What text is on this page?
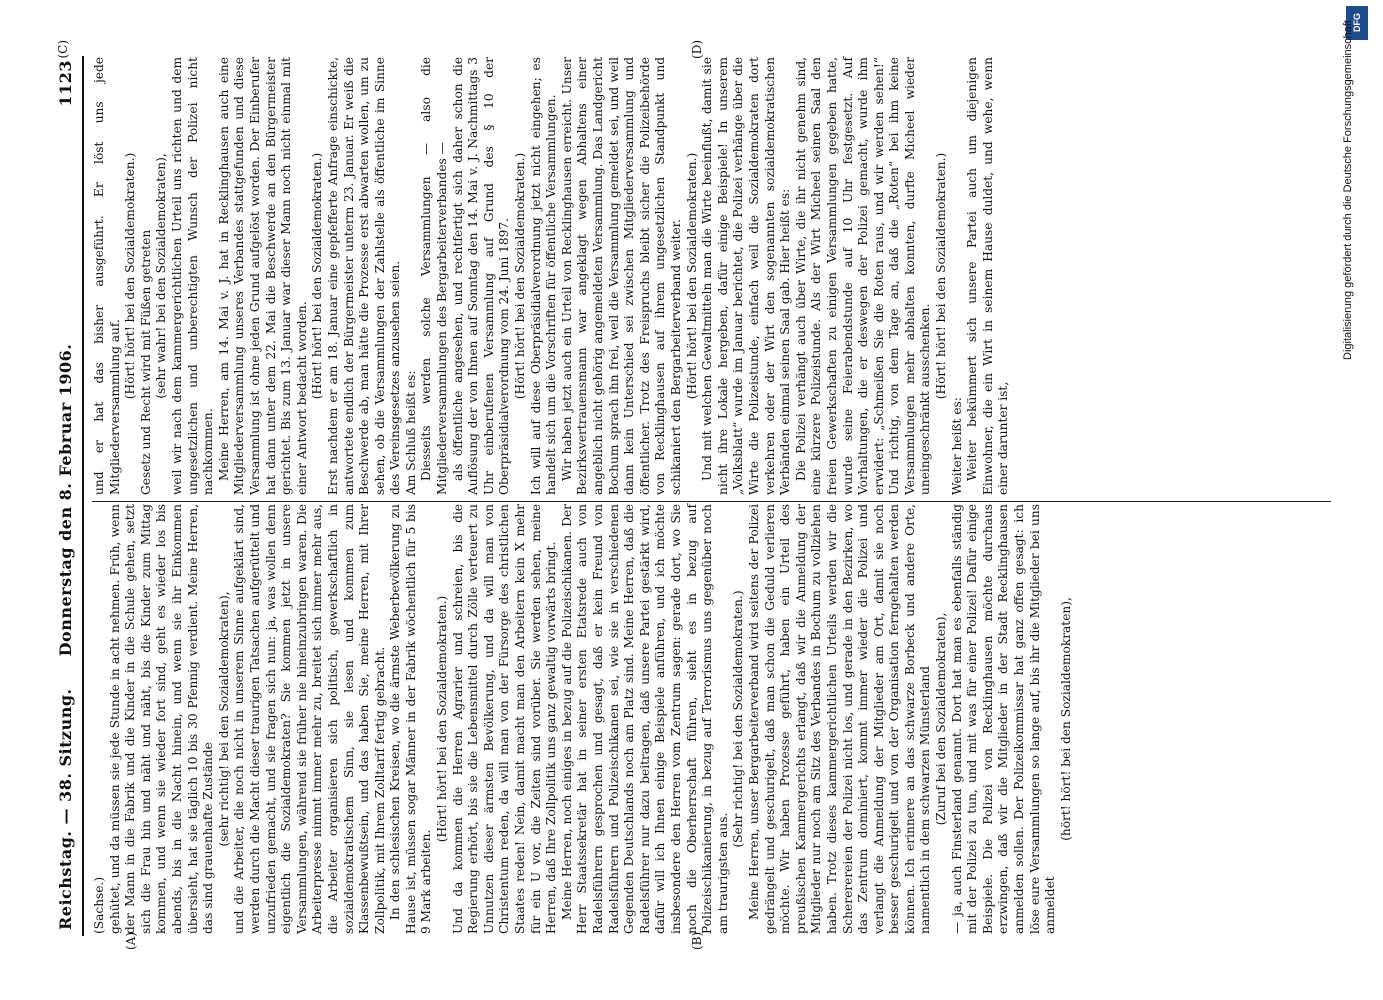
Reichstag. — 38. Sitzung.
Donnerstag den 8. Februar 1906.
1123
(A)	(B)
(C)	(D)

(Sachse.) gehütet, und da müssen sie jede Stunde in acht nehmen. Früh, wenn der Mann in die Fabrik und die Kinder in die Schule gehen, setzt sich die Frau hin und näht und näht, bis die Kinder zum Mittag kommen, und wenn sie wieder fort sind, geht es wieder los bis abends, bis in die Nacht hinein, und wenn sie ihr Einkommen übersieht, hat sie täglich 10 bis 30 Pfennig verdient. Meine Herren, das sind grauenhafte Zustände (sehr richtig! bei den Sozialdemokraten), und die Arbeiter, die noch nicht in unserem Sinne aufgeklärt sind, werden durch die Macht dieser traurigen Tatsachen aufgerüttelt und unzufrieden gemacht, und sie fragen sich nun: ja, was wollen denn eigentlich die Sozialdemokraten? Sie kommen jetzt in unsere Versammlungen, während sie früher nie hineinzubringen waren. Die Arbeiterpresse nimmt immer mehr zu, breitet sich immer mehr aus, die Arbeiter organisieren sich politisch, gewerkschaftlich in sozialdemokratischem Sinn, sie lesen und kommen zum Klassenbewußtsein, und das haben Sie, meine Herren, mit Ihrer Zollpolitik, mit Ihrem Zolltarif fertig gebracht. In den schlesischen Kreisen, wo die ärmste Weberbevölkerung zu Hause ist, müssen sogar Männer in der Fabrik wöchentlich für 5 bis 9 Mark arbeiten.

(Hört! hört! bei den Sozialdemokraten.) Und da kommen die Herren Agrarier und schreien, bis die Regierung erhört, bis sie die Lebensmittel durch Zölle verteuert zu Unnutzen dieser ärmsten Bevölkerung, und da will man von Christentum reden, da will man von der Fürsorge des christlichen Staates reden! Nein, damit macht man den Arbeitern kein X mehr für ein U vor, die Zeiten sind vorüber. Sie werden sehen, meine Herren, daß Ihre Zollpolitik uns ganz gewaltig vorwärts bringt. Meine Herren, noch einiges in bezug auf die Polizeischikanen. Der Herr Staatssekretär hat in seiner ersten Etatsrede auch von Radelsführern gesprochen und gesagt, daß er kein Freund von Radelsführern und Polizeischikanen sei, wie sie in verschiedenen Gegenden Deutschlands noch am Platz sind. Meine Herren, daß die Radelsführer nur dazu beitragen, daß unsere Partei gestärkt wird, dafür will ich Ihnen einige Beispiele anführen, und ich möchte insbesondere den Herren vom Zentrum sagen: gerade dort, wo Sie noch die Oberherrschaft führen, sieht es in bezug auf Polizeischikanierung, in bezug auf Terrorismus uns gegenüber noch am traurigsten aus.

(Sehr richtig! bei den Sozialdemokraten.) Meine Herren, unser Bergarbeiterverband wird seitens der Polizei gedrängelt und geschurigelt, daß man schon die Geduld verlieren möchte. Wir haben Prozesse geführt, haben ein Urteil des preußischen Kammergerichts erlangt, daß wir die Anmeldung der Mitglieder nur noch am Sitz des Verbandes in Bochum zu vollziehen haben. Trotz dieses kammergerichtlichen Urteils werden wir die Schererereien der Polizei nicht los, und gerade in den Bezirken, wo das Zentrum dominiert, kommt immer wieder die Polizei und verlangt die Anmeldung der Mitglieder am Ort, damit sie noch besser geschurigelt und von der Organisation ferngehalten werden können. Ich erinnere an das schwarze Borbeck und andere Orte, namentlich in dem schwarzen Münsterland (Zuruf bei den Sozialdemokraten), — ja, auch Finsterland genannt. Dort hat man es ebenfalls ständig mit der Polizei zu tun, und mit was für einer Polizei! Dafür einige Beispiele. Die Polizei von Recklinghausen möchte durchaus erzwingen, daß wir die Mitglieder in der Stadt Recklinghausen anmelden sollen. Der Polizeikommissar hat ganz offen gesagt: ich löse eure Versammlungen so lange auf, bis ihr die Mitglieder bei uns anmeldet

(hört! hört! bei den Sozialdemokraten),

und er hat das bisher ausgeführt. Er löst uns jede Mitgliederversammlung auf.

(Hört! hört! bei den Sozialdemokraten.) Gesetz und Recht wird mit Füßen getreten (sehr wahr! bei den Sozialdemokraten), weil wir nach dem kammergerichtlichen Urteil uns richten und dem ungesetzlichen und unberechtigten Wunsch der Polizei nicht nachkommen. Meine Herren, am 14. Mai v. J. hat in Recklinghausen auch eine Mitgliederversammlung unseres Verbandes stattgefunden und diese Versammlung ist ohne jeden Grund aufgelöst worden. Der Einberufer hat dann unter dem 22. Mai die Beschwerde an den Bürgermeister gerichtet. Bis zum 13. Januar war dieser Mann noch nicht einmal mit einer Antwort bedacht worden. (Hört! hört! bei den Sozialdemokraten.) Erst nachdem er am 18. Januar eine gepfefferte Anfrage einschickte, antwortete endlich der Bürgermeister unterm 23. Januar. Er weiß die Beschwerde ab, man hätte die Prozesse erst abwarten wollen, um zu sehen, ob die Versammlungen der Zahlstelle als öffentliche im Sinne des Vereinsgesetzes anzusehen seien. Am Schluß heißt es: Diesseits werden solche Versammlungen — also die Mitgliederversammlungen des Bergarbeiterverbandes — als öffentliche angesehen, und rechtfertigt sich daher schon die Auflösung der von Ihnen auf Sonntag den 14. Mai v. J. Nachmittags 3 Uhr einberufenen Versammlung auf Grund des § 10 der Oberpräsidialverordnung vom 24. Juni 1897. (Hört! hört! bei den Sozialdemokraten.) Ich will auf diese Oberpräsidialverordnung jetzt nicht eingehen; es handelt sich um die Vorschriften für öffentliche Versammlungen. Wir haben jetzt auch ein Urteil von Recklinghausen erreicht. Unser Bezirksvertrauensmann war angeklagt wegen Abhaltens einer angeblich nicht gehörig angemeldeten Versammlung. Das Landgericht Bochum sprach ihn frei, weil die Versammlung gemeldet sei, und weil dann kein Unterschied sei zwischen Mitgliederversammlung und öffentlicher. Trotz des Freispruchs bleibt sicher die Polizeibehörde von Recklinghausen auf ihrem ungesetzlichen Standpunkt und schikaniert den Bergarbeiterverband weiter. (Hört! hört! bei den Sozialdemokraten.) Und mit welchen Gewaltmitteln man die Wirte beeinflußt, damit sie nicht ihre Lokale hergeben, dafür einige Beispiele! In unserem „Volksblatt“ wurde im Januar berichtet, die Polizei verhänge über die Wirte die Polizeistunde, einfach weil die Sozialdemokraten dort verkehren oder der Wirt den sogenannten sozialdemokratischen Verbänden einmal seinen Saal gab. Hier heißt es: Die Polizei verhängt auch über Wirte, die ihr nicht genehm sind, eine kürzere Polizeistunde. Als der Wirt Micheel seinen Saal den freien Gewerkschaften zu einigen Versammlungen gegeben hatte, wurde seine Feierabendstunde auf 10 Uhr festgesetzt. Auf Vorhaltungen, die er deswegen der Polizei gemacht, wurde ihm erwidert: „Schmeißen Sie die Roten raus, und wir werden sehen!“ Und richtig, von dem Tage an, daß die „Roten“ bei ihm keine Versammlungen mehr abhalten konnten, durfte Micheel wieder uneingeschränkt ausschenken.

(Hört! hört! bei den Sozialdemokraten.)

Weiter heißt es: Weiter bekümmert sich unsere Partei auch um diejenigen Einwohner, die ein Wirt in seinem Hause duldet, und wehe, wenn einer darunter ist,

DFG
Digitalisierung gefördert durch die Deutsche Forschungsgemeinschaft
